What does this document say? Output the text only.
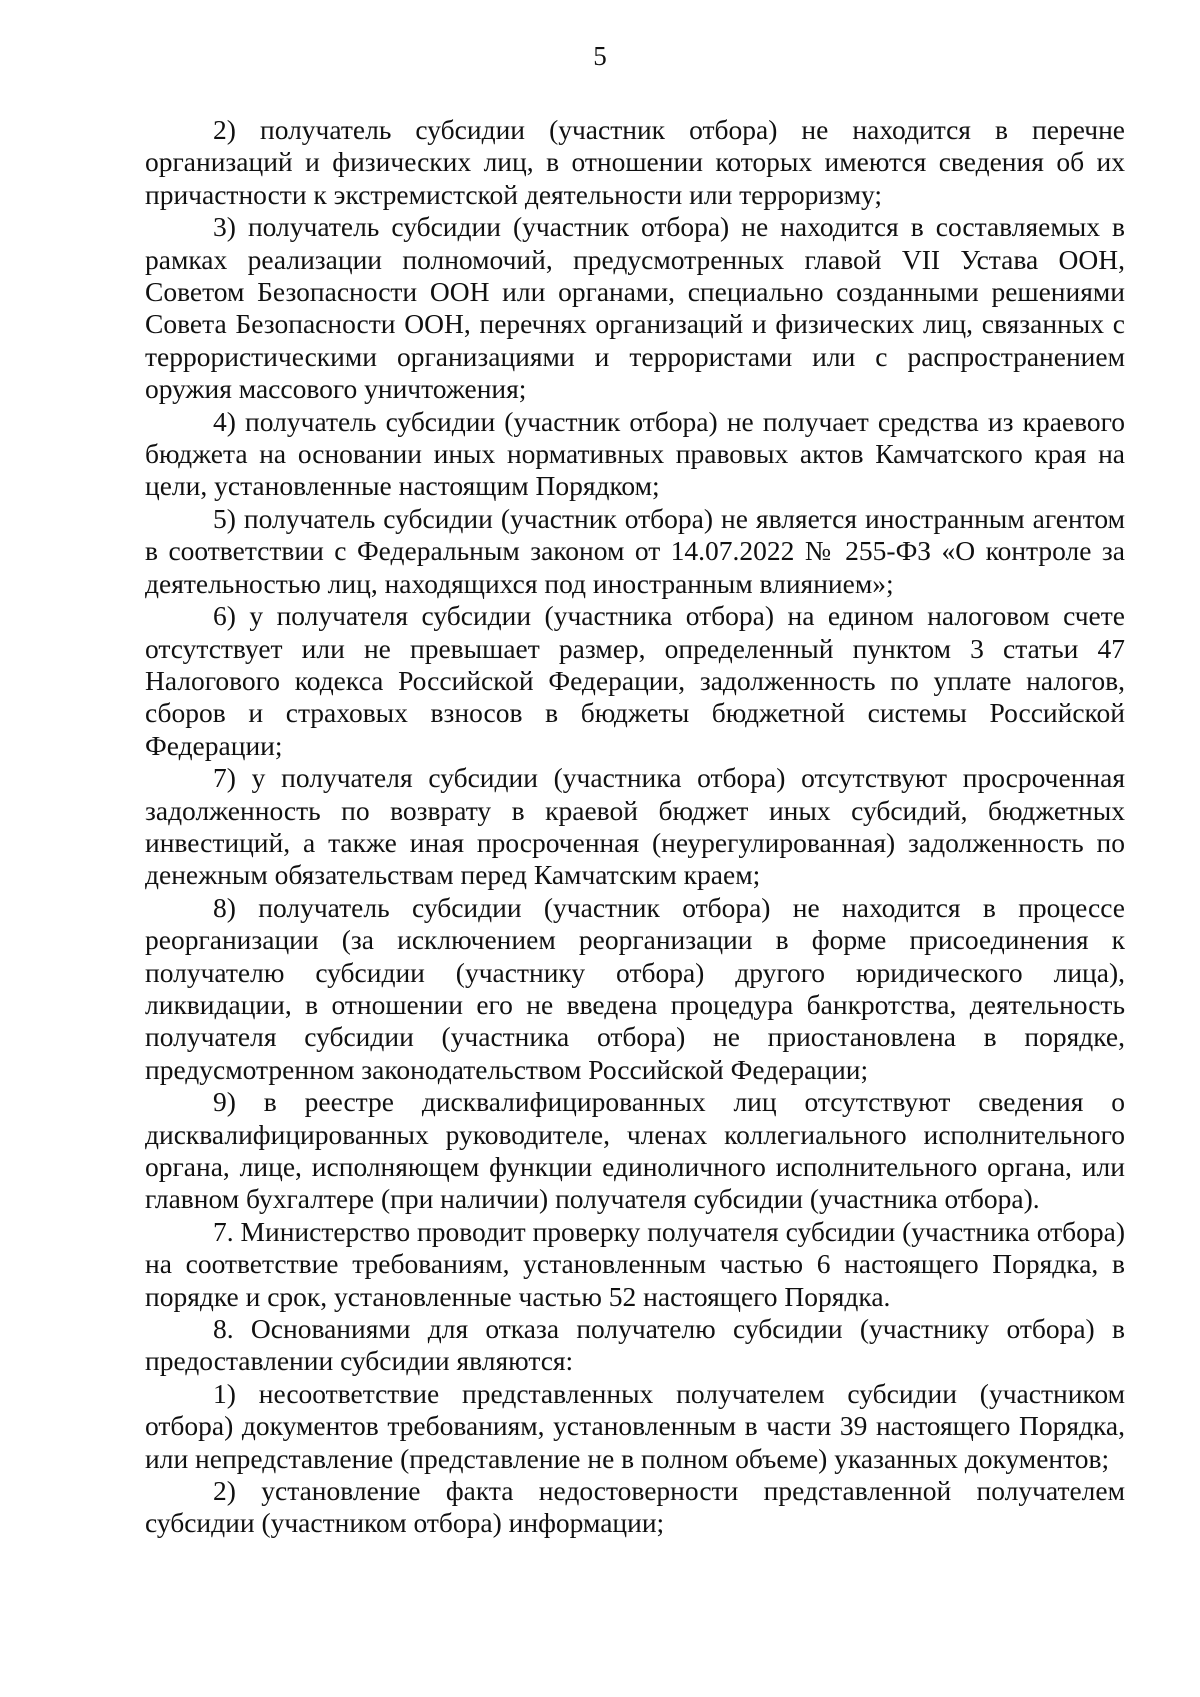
5

2) получатель субсидии (участник отбора) не находится в перечне организаций и физических лиц, в отношении которых имеются сведения об их причастности к экстремистской деятельности или терроризму;

3) получатель субсидии (участник отбора) не находится в составляемых в рамках реализации полномочий, предусмотренных главой VII Устава ООН, Советом Безопасности ООН или органами, специально созданными решениями Совета Безопасности ООН, перечнях организаций и физических лиц, связанных с террористическими организациями и террористами или с распространением оружия массового уничтожения;

4) получатель субсидии (участник отбора) не получает средства из краевого бюджета на основании иных нормативных правовых актов Камчатского края на цели, установленные настоящим Порядком;

5) получатель субсидии (участник отбора) не является иностранным агентом в соответствии с Федеральным законом от 14.07.2022 № 255-ФЗ «О контроле за деятельностью лиц, находящихся под иностранным влиянием»;

6) у получателя субсидии (участника отбора) на едином налоговом счете отсутствует или не превышает размер, определенный пунктом 3 статьи 47 Налогового кодекса Российской Федерации, задолженность по уплате налогов, сборов и страховых взносов в бюджеты бюджетной системы Российской Федерации;

7) у получателя субсидии (участника отбора) отсутствуют просроченная задолженность по возврату в краевой бюджет иных субсидий, бюджетных инвестиций, а также иная просроченная (неурегулированная) задолженность по денежным обязательствам перед Камчатским краем;

8) получатель субсидии (участник отбора) не находится в процессе реорганизации (за исключением реорганизации в форме присоединения к получателю субсидии (участнику отбора) другого юридического лица), ликвидации, в отношении его не введена процедура банкротства, деятельность получателя субсидии (участника отбора) не приостановлена в порядке, предусмотренном законодательством Российской Федерации;

9) в реестре дисквалифицированных лиц отсутствуют сведения о дисквалифицированных руководителе, членах коллегиального исполнительного органа, лице, исполняющем функции единоличного исполнительного органа, или главном бухгалтере (при наличии) получателя субсидии (участника отбора).

7. Министерство проводит проверку получателя субсидии (участника отбора) на соответствие требованиям, установленным частью 6 настоящего Порядка, в порядке и срок, установленные частью 52 настоящего Порядка.

8. Основаниями для отказа получателю субсидии (участнику отбора) в предоставлении субсидии являются:

1) несоответствие представленных получателем субсидии (участником отбора) документов требованиям, установленным в части 39 настоящего Порядка, или непредставление (представление не в полном объеме) указанных документов;

2) установление факта недостоверности представленной получателем субсидии (участником отбора) информации;
